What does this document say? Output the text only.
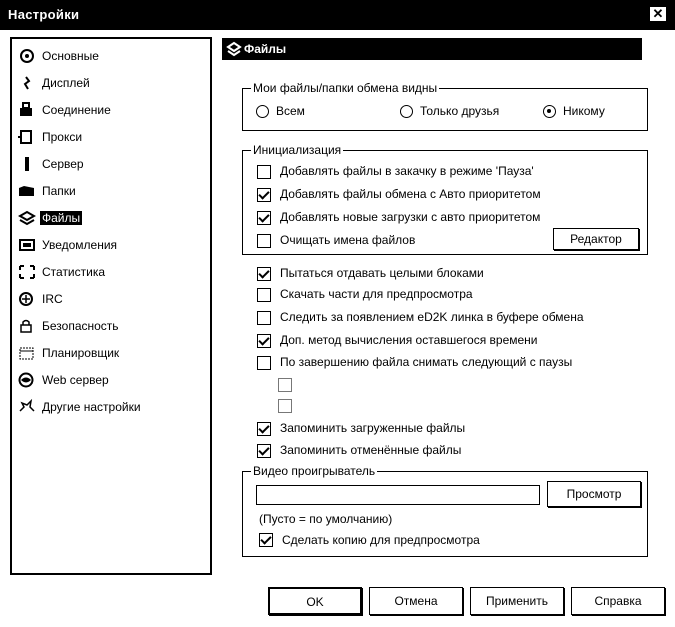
Настройки	✕
Основные
Дисплей
Соединение
Прокси
Сервер
Папки
Файлы
Уведомления
Статистика
IRC
Безопасность
Планировщик
Web сервер
Другие настройки
Файлы
Мои файлы/папки обмена видны
Всем	Только друзья	Никому
Инициализация
Добавлять файлы в закачку в режиме 'Пауза'
Добавлять файлы обмена с Авто приоритетом
Добавлять новые загрузки с авто приоритетом
Очищать имена файлов	Редактор
Пытаться отдавать целыми блоками
Скачать части для предпросмотра
Следить за появлением eD2K линка в буфере обмена
Доп. метод вычисления оставшегося времени
По завершению файла снимать следующий с паузы
Запоминить загруженные файлы
Запоминить отменённые файлы
Видео проигрыватель
Просмотр
(Пусто = по умолчанию)
Сделать копию для предпросмотра
OK	Отмена	Применить	Справка
